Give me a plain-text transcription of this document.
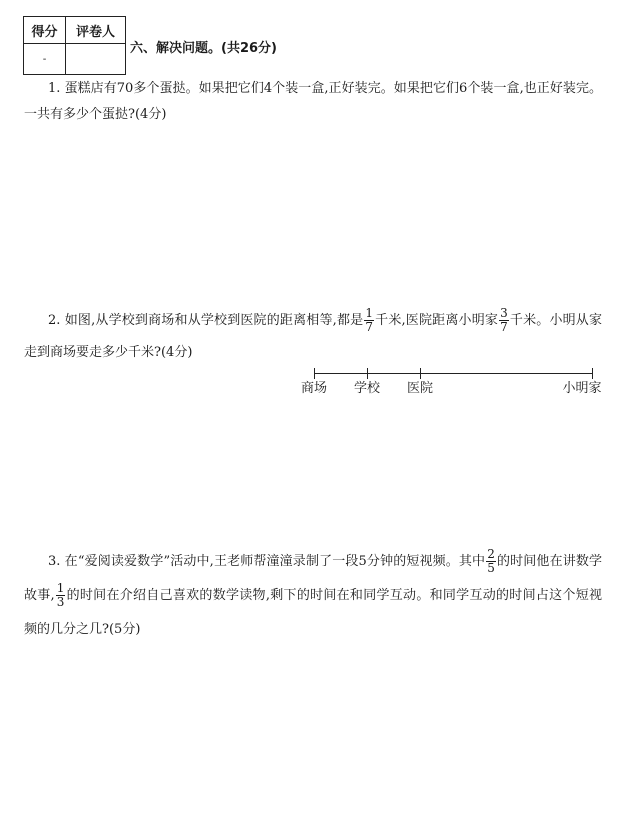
得分	评卷人
-	
六、解决问题。(共26分)
1. 蛋糕店有70多个蛋挞。如果把它们4个装一盒,正好装完。如果把它们6个装一盒,也正好装完。一共有多少个蛋挞?(4分)
2. 如图,从学校到商场和从学校到医院的距离相等,都是 $\frac{1}{7}$ 千米,医院距离小明家 $\frac{3}{7}$ 千米。小明从家走到商场要走多少千米?(4分)
商场 学校 医院	小明家
3. 在“爱阅读爱数学”活动中,王老师帮潼潼录制了一段5分钟的短视频。其中 $\frac{2}{5}$ 的时间他在讲数学故事, $\frac{1}{3}$ 的时间在介绍自己喜欢的数学读物,剩下的时间在和同学互动。和同学互动的时间占这个短视频的几分之几?(5分)
